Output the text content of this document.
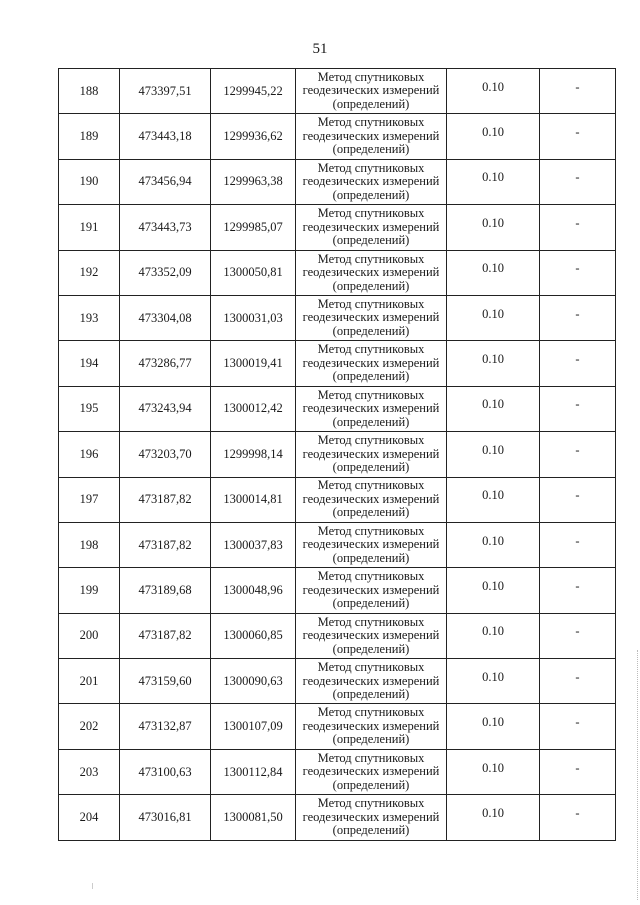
51
188	473397,51	1299945,22	Метод спутниковых
геодезических измерений
(определений)	0.10	-
189	473443,18	1299936,62	Метод спутниковых
геодезических измерений
(определений)	0.10	-
190	473456,94	1299963,38	Метод спутниковых
геодезических измерений
(определений)	0.10	-
191	473443,73	1299985,07	Метод спутниковых
геодезических измерений
(определений)	0.10	-
192	473352,09	1300050,81	Метод спутниковых
геодезических измерений
(определений)	0.10	-
193	473304,08	1300031,03	Метод спутниковых
геодезических измерений
(определений)	0.10	-
194	473286,77	1300019,41	Метод спутниковых
геодезических измерений
(определений)	0.10	-
195	473243,94	1300012,42	Метод спутниковых
геодезических измерений
(определений)	0.10	-
196	473203,70	1299998,14	Метод спутниковых
геодезических измерений
(определений)	0.10	-
197	473187,82	1300014,81	Метод спутниковых
геодезических измерений
(определений)	0.10	-
198	473187,82	1300037,83	Метод спутниковых
геодезических измерений
(определений)	0.10	-
199	473189,68	1300048,96	Метод спутниковых
геодезических измерений
(определений)	0.10	-
200	473187,82	1300060,85	Метод спутниковых
геодезических измерений
(определений)	0.10	-
201	473159,60	1300090,63	Метод спутниковых
геодезических измерений
(определений)	0.10	-
202	473132,87	1300107,09	Метод спутниковых
геодезических измерений
(определений)	0.10	-
203	473100,63	1300112,84	Метод спутниковых
геодезических измерений
(определений)	0.10	-
204	473016,81	1300081,50	Метод спутниковых
геодезических измерений
(определений)	0.10	-
